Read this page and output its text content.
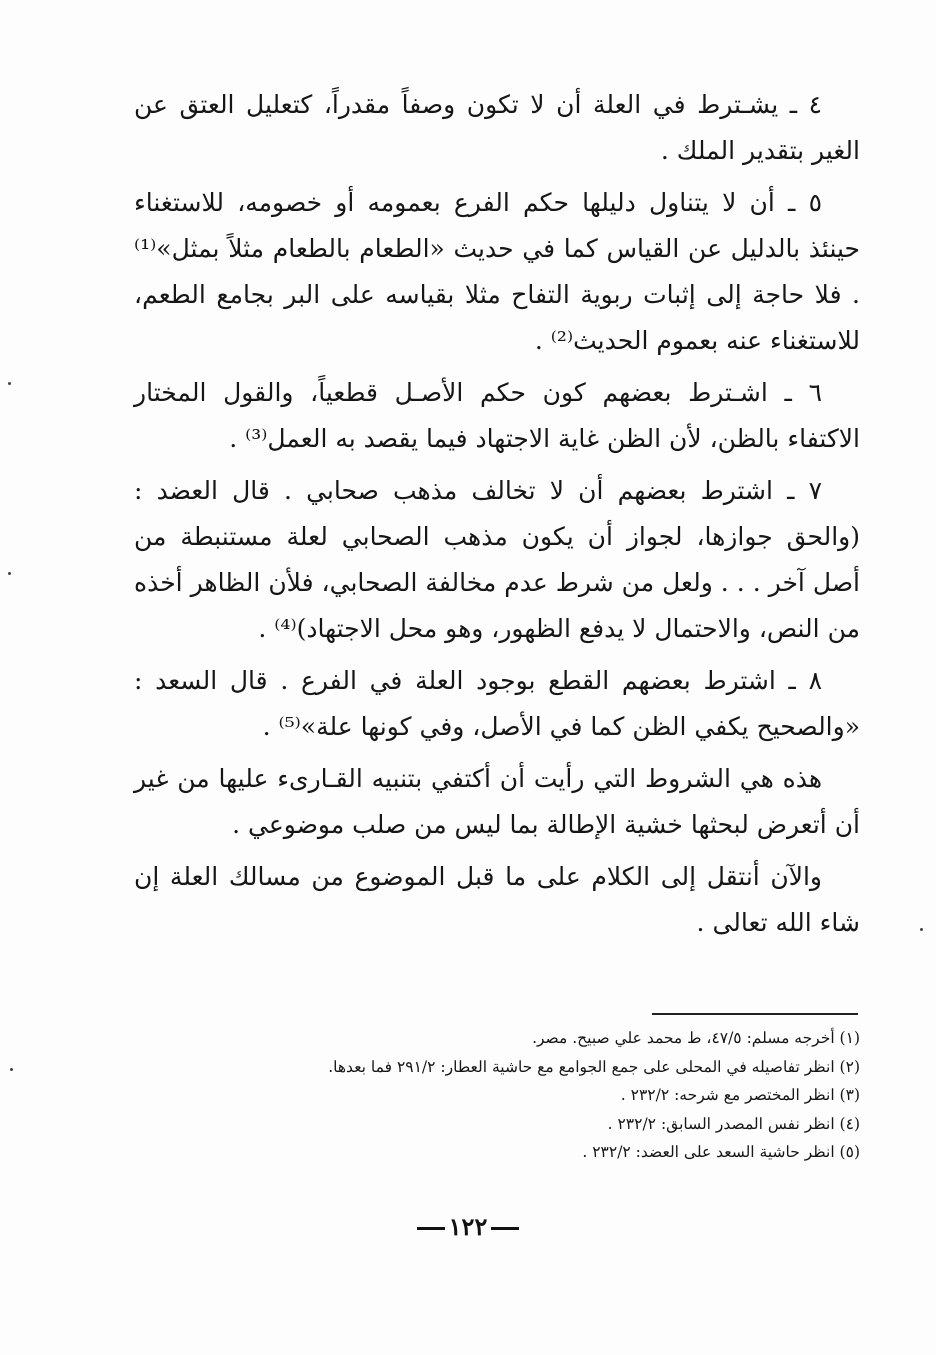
٤ ـ يشـترط في العلة أن لا تكون وصفاً مقدراً، كتعليل العتق عن الغير بتقدير الملك .

٥ ـ أن لا يتناول دليلها حكم الفرع بعمومه أو خصومه، للاستغناء حينئذ بالدليل عن القياس كما في حديث «الطعام بالطعام مثلاً بمثل»⁽¹⁾ . فلا حاجة إلى إثبات ربوية التفاح مثلا بقياسه على البر بجامع الطعم، للاستغناء عنه بعموم الحديث⁽²⁾ .

٦ ـ اشـترط بعضهم كون حكم الأصـل قطعياً، والقول المختار الاكتفاء بالظن، لأن الظن غاية الاجتهاد فيما يقصد به العمل⁽³⁾ .

٧ ـ اشترط بعضهم أن لا تخالف مذهب صحابي . قال العضد : (والحق جوازها، لجواز أن يكون مذهب الصحابي لعلة مستنبطة من أصل آخر . . . ولعل من شرط عدم مخالفة الصحابي، فلأن الظاهر أخذه من النص، والاحتمال لا يدفع الظهور، وهو محل الاجتهاد)⁽⁴⁾ .

٨ ـ اشترط بعضهم القطع بوجود العلة في الفرع . قال السعد : «والصحيح يكفي الظن كما في الأصل، وفي كونها علة»⁽⁵⁾ .

هذه هي الشروط التي رأيت أن أكتفي بتنبيه القـارىء عليها من غير أن أتعرض لبحثها خشية الإطالة بما ليس من صلب موضوعي .

والآن أنتقل إلى الكلام على ما قبل الموضوع من مسالك العلة إن شاء الله تعالى .

(١) أخرجه مسلم: ٤٧/٥، ط محمد علي صبيح. مصر.

(٢) انظر تفاصيله في المحلى على جمع الجوامع مع حاشية العطار: ٢٩١/٢ فما بعدها.

(٣) انظر المختصر مع شرحه: ٢٣٢/٢ .

(٤) انظر نفس المصدر السابق: ٢٣٢/٢ .

(٥) انظر حاشية السعد على العضد: ٢٣٢/٢ .

١٢٢
